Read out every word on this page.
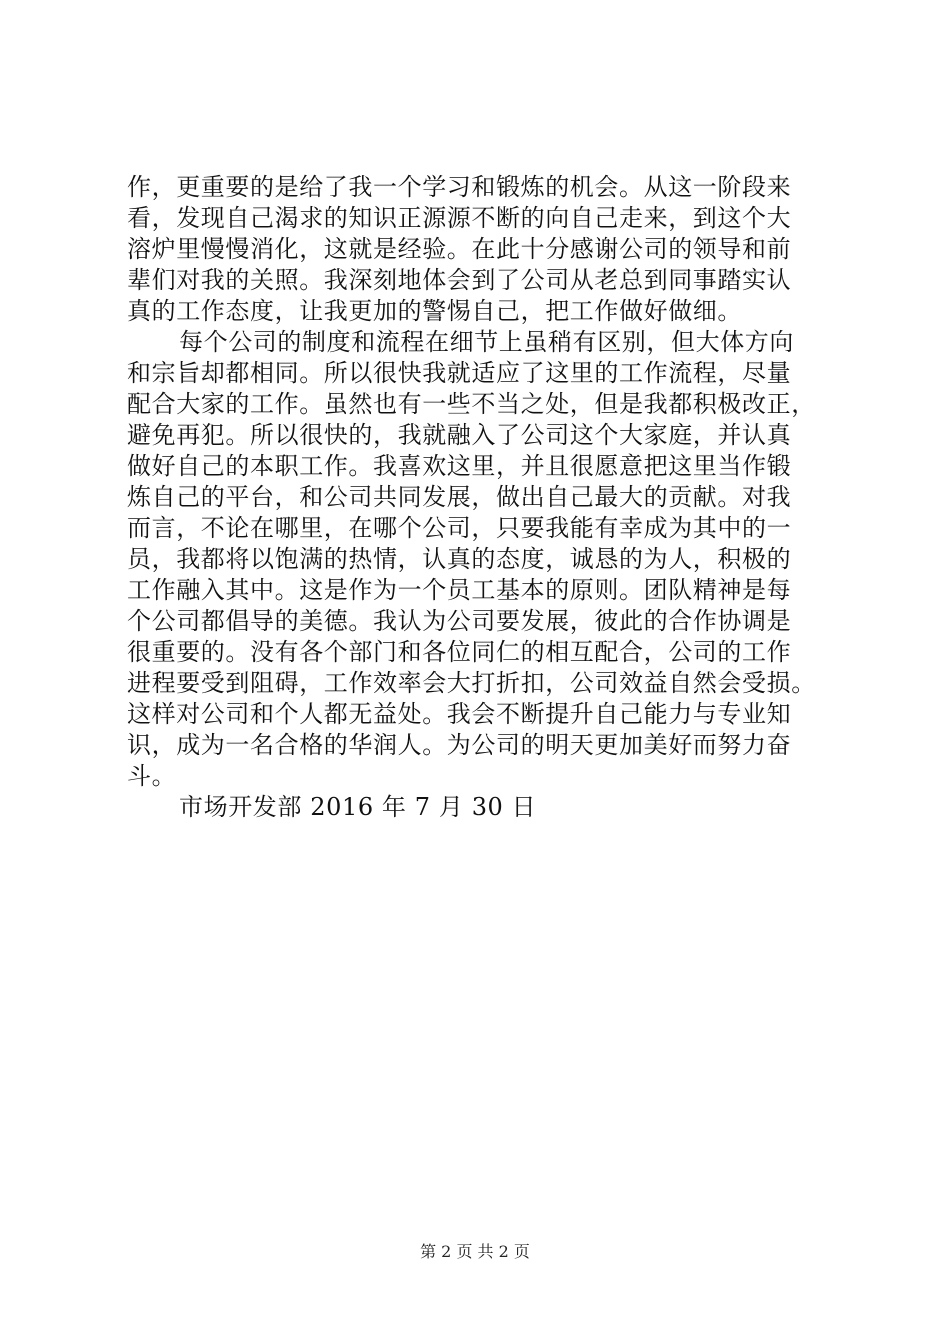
作，更重要的是给了我一个学习和锻炼的机会。从这一阶段来
看，发现自己渴求的知识正源源不断的向自己走来，到这个大
溶炉里慢慢消化，这就是经验。在此十分感谢公司的领导和前
辈们对我的关照。我深刻地体会到了公司从老总到同事踏实认
真的工作态度，让我更加的警惕自己，把工作做好做细。
每个公司的制度和流程在细节上虽稍有区别，但大体方向
和宗旨却都相同。所以很快我就适应了这里的工作流程，尽量
配合大家的工作。虽然也有一些不当之处，但是我都积极改正，
避免再犯。所以很快的，我就融入了公司这个大家庭，并认真
做好自己的本职工作。我喜欢这里，并且很愿意把这里当作锻
炼自己的平台，和公司共同发展，做出自己最大的贡献。对我
而言，不论在哪里，在哪个公司，只要我能有幸成为其中的一
员，我都将以饱满的热情，认真的态度，诚恳的为人，积极的
工作融入其中。这是作为一个员工基本的原则。团队精神是每
个公司都倡导的美德。我认为公司要发展，彼此的合作协调是
很重要的。没有各个部门和各位同仁的相互配合，公司的工作
进程要受到阻碍，工作效率会大打折扣，公司效益自然会受损。
这样对公司和个人都无益处。我会不断提升自己能力与专业知
识，成为一名合格的华润人。为公司的明天更加美好而努力奋
斗。
市场开发部 2016 年 7 月 30 日
第 2 页 共 2 页
